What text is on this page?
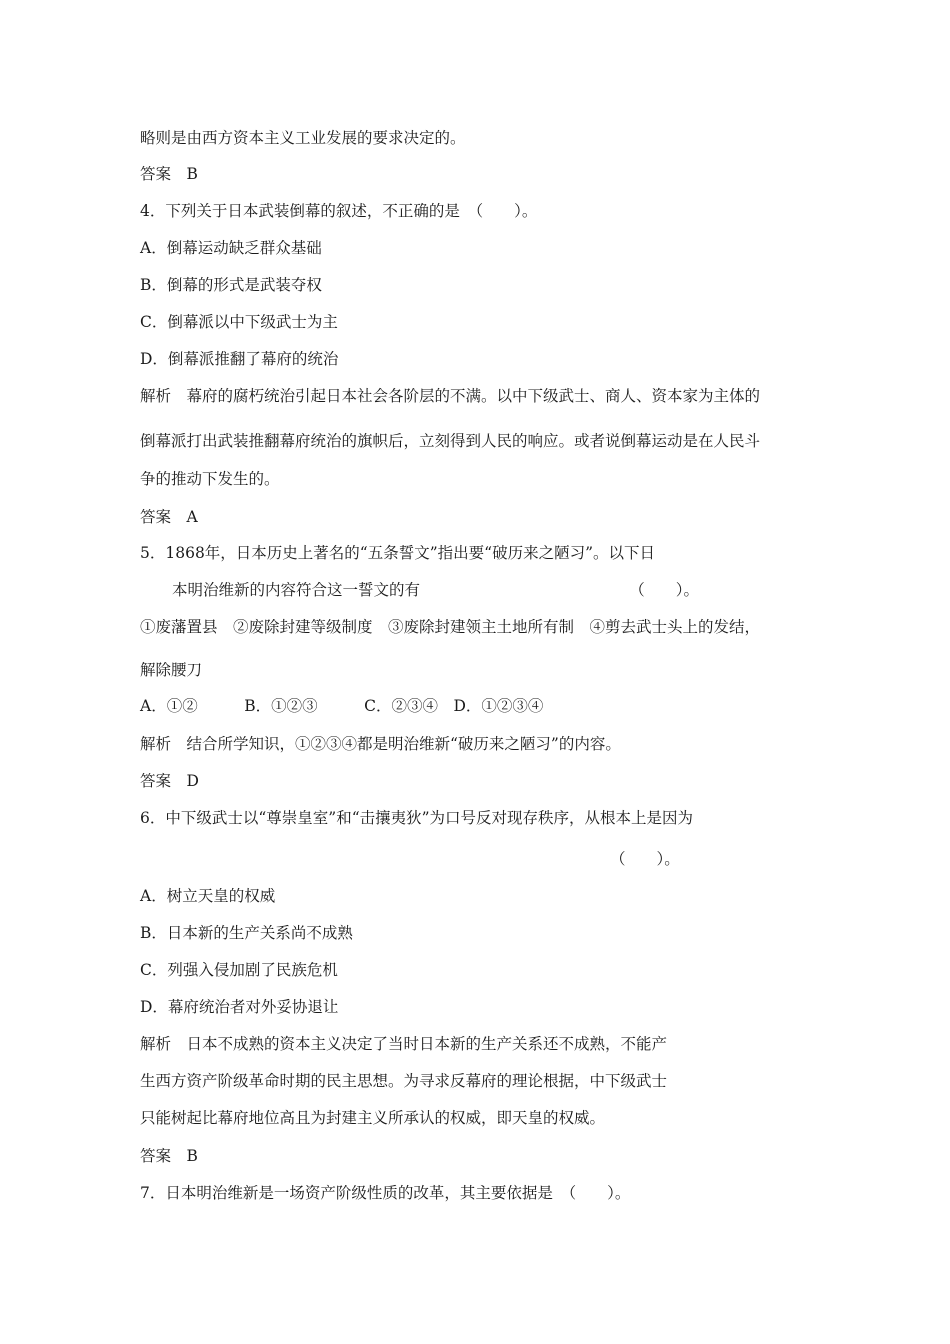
略则是由西方资本主义工业发展的要求决定的。

答案　B

4．下列关于日本武装倒幕的叙述，不正确的是　（　　）。

A．倒幕运动缺乏群众基础

B．倒幕的形式是武装夺权

C．倒幕派以中下级武士为主

D．倒幕派推翻了幕府的统治

解析　幕府的腐朽统治引起日本社会各阶层的不满。以中下级武士、商人、资本家为主体的

倒幕派打出武装推翻幕府统治的旗帜后，立刻得到人民的响应。或者说倒幕运动是在人民斗

争的推动下发生的。

答案　A

5．1868年，日本历史上著名的“五条誓文”指出要“破历来之陋习”。以下日

本明治维新的内容符合这一誓文的有　　　　　　　　　　　　　　（　　）。

①废藩置县　②废除封建等级制度　③废除封建领主土地所有制　④剪去武士头上的发结，

解除腰刀

A．①②　　　B．①②③　　　C．②③④　D．①②③④

解析　结合所学知识，①②③④都是明治维新“破历来之陋习”的内容。

答案　D

6．中下级武士以“尊崇皇室”和“击攘夷狄”为口号反对现存秩序，从根本上是因为

（　　）。

A．树立天皇的权威

B．日本新的生产关系尚不成熟

C．列强入侵加剧了民族危机

D．幕府统治者对外妥协退让

解析　日本不成熟的资本主义决定了当时日本新的生产关系还不成熟，不能产

生西方资产阶级革命时期的民主思想。为寻求反幕府的理论根据，中下级武士

只能树起比幕府地位高且为封建主义所承认的权威，即天皇的权威。

答案　B

7．日本明治维新是一场资产阶级性质的改革，其主要依据是　（　　）。
